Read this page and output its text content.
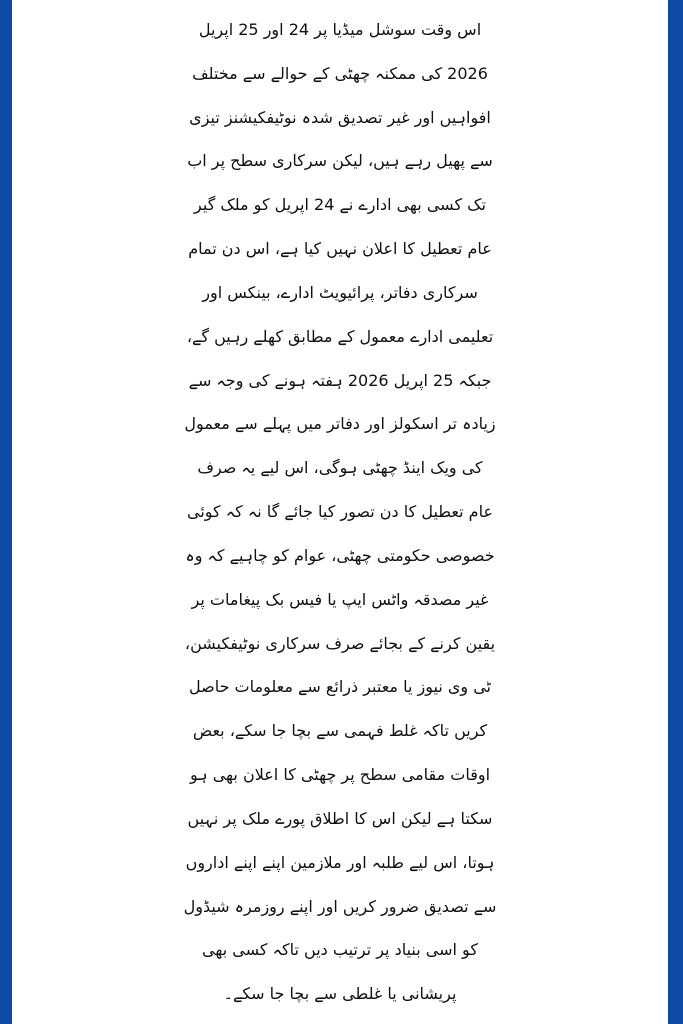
اس وقت سوشل میڈیا پر 24 اور 25 اپریل
2026 کی ممکنہ چھٹی کے حوالے سے مختلف
افواہیں اور غیر تصدیق شدہ نوٹیفکیشنز تیزی
سے پھیل رہے ہیں، لیکن سرکاری سطح پر اب
تک کسی بھی ادارے نے 24 اپریل کو ملک گیر
عام تعطیل کا اعلان نہیں کیا ہے، اس دن تمام
سرکاری دفاتر، پرائیویٹ ادارے، بینکس اور
تعلیمی ادارے معمول کے مطابق کھلے رہیں گے،
جبکہ 25 اپریل 2026 ہفتہ ہونے کی وجہ سے
زیادہ تر اسکولز اور دفاتر میں پہلے سے معمول
کی ویک اینڈ چھٹی ہوگی، اس لیے یہ صرف
عام تعطیل کا دن تصور کیا جائے گا نہ کہ کوئی
خصوصی حکومتی چھٹی، عوام کو چاہیے کہ وہ
غیر مصدقہ واٹس ایپ یا فیس بک پیغامات پر
یقین کرنے کے بجائے صرف سرکاری نوٹیفکیشن،
ٹی وی نیوز یا معتبر ذرائع سے معلومات حاصل
کریں تاکہ غلط فہمی سے بچا جا سکے، بعض
اوقات مقامی سطح پر چھٹی کا اعلان بھی ہو
سکتا ہے لیکن اس کا اطلاق پورے ملک پر نہیں
ہوتا، اس لیے طلبہ اور ملازمین اپنے اپنے اداروں
سے تصدیق ضرور کریں اور اپنے روزمرہ شیڈول
کو اسی بنیاد پر ترتیب دیں تاکہ کسی بھی
پریشانی یا غلطی سے بچا جا سکے۔
